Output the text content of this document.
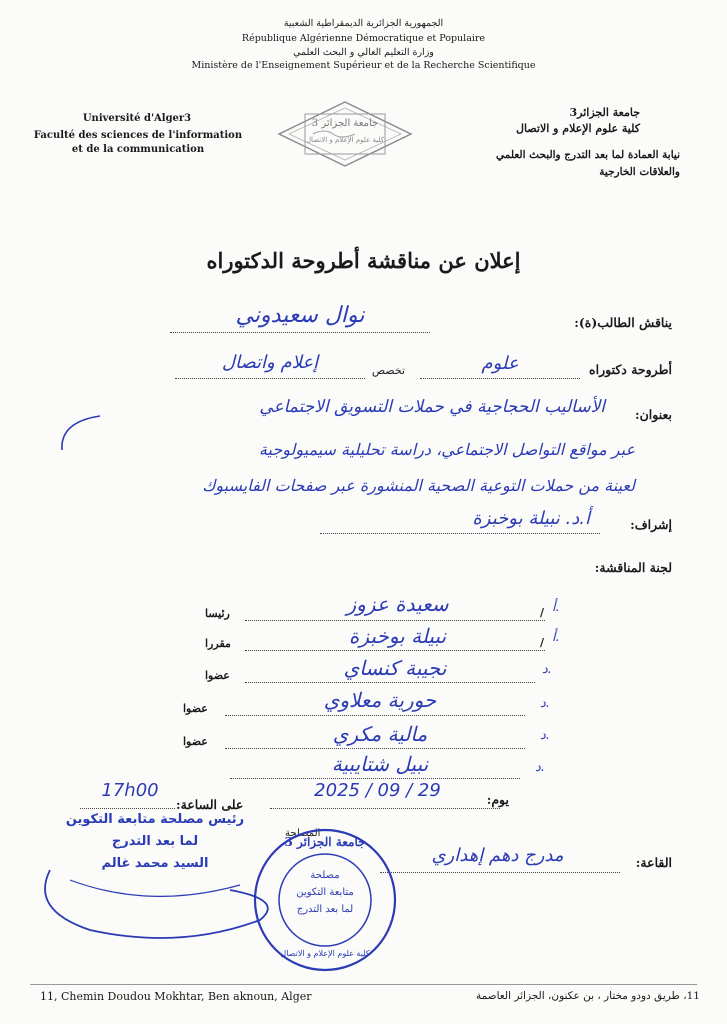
الجمهورية الجزائرية الديمقراطية الشعبية
République Algérienne Démocratique et Populaire
وزارة التعليم العالي و البحث العلمي
Ministère de l'Enseignement Supérieur et de la Recherche Scientifique
Université d'Alger3
Faculté des sciences de l'information
et de la communication
جامعة الجزائر 3
كلية علوم الإعلام و الاتصال
جامعة الجزائر3
كلية علوم الإعلام و الاتصال
نيابة العمادة لما بعد التدرج والبحث العلمي
والعلاقات الخارجية
إعلان عن مناقشة أطروحة الدكتوراه
يناقش الطالب(ة):
نوال سعيدوني
أطروحة دكتوراه
علوم
تخصص
إعلام واتصال
بعنوان:
الأساليب الحجاجية في حملات التسويق الاجتماعي
عبر مواقع التواصل الاجتماعي، دراسة تحليلية سيميولوجية
لعينة من حملات التوعية الصحية المنشورة عبر صفحات الفايسبوك
إشراف:
أ.د. نبيلة بوخبزة
لجنة المناقشة:
رئيسا	سعيدة عزوز	أ.
/
مقررا	نبيلة بوخبزة	أ.
/
عضوا	نجيبة كنساي	د.
عضوا	حورية معلاوي	د.
عضوا	مالية مكري	د.
نبيل شتايبية	د.
يوم:
2025 / 09 / 29
على الساعة:
17h00
المصلحة
القاعة:
مدرج دهم إهداري
رئيس مصلحة متابعة التكوين
لما بعد التدرج
السيد محمد غالم
جامعة الجزائر 3
مصلحة
متابعة التكوين
لما بعد التدرج
كلية علوم الإعلام و الاتصال
11, Chemin Doudou Mokhtar, Ben aknoun, Alger	11، طريق دودو مختار ، بن عكنون، الجزائر العاصمة
